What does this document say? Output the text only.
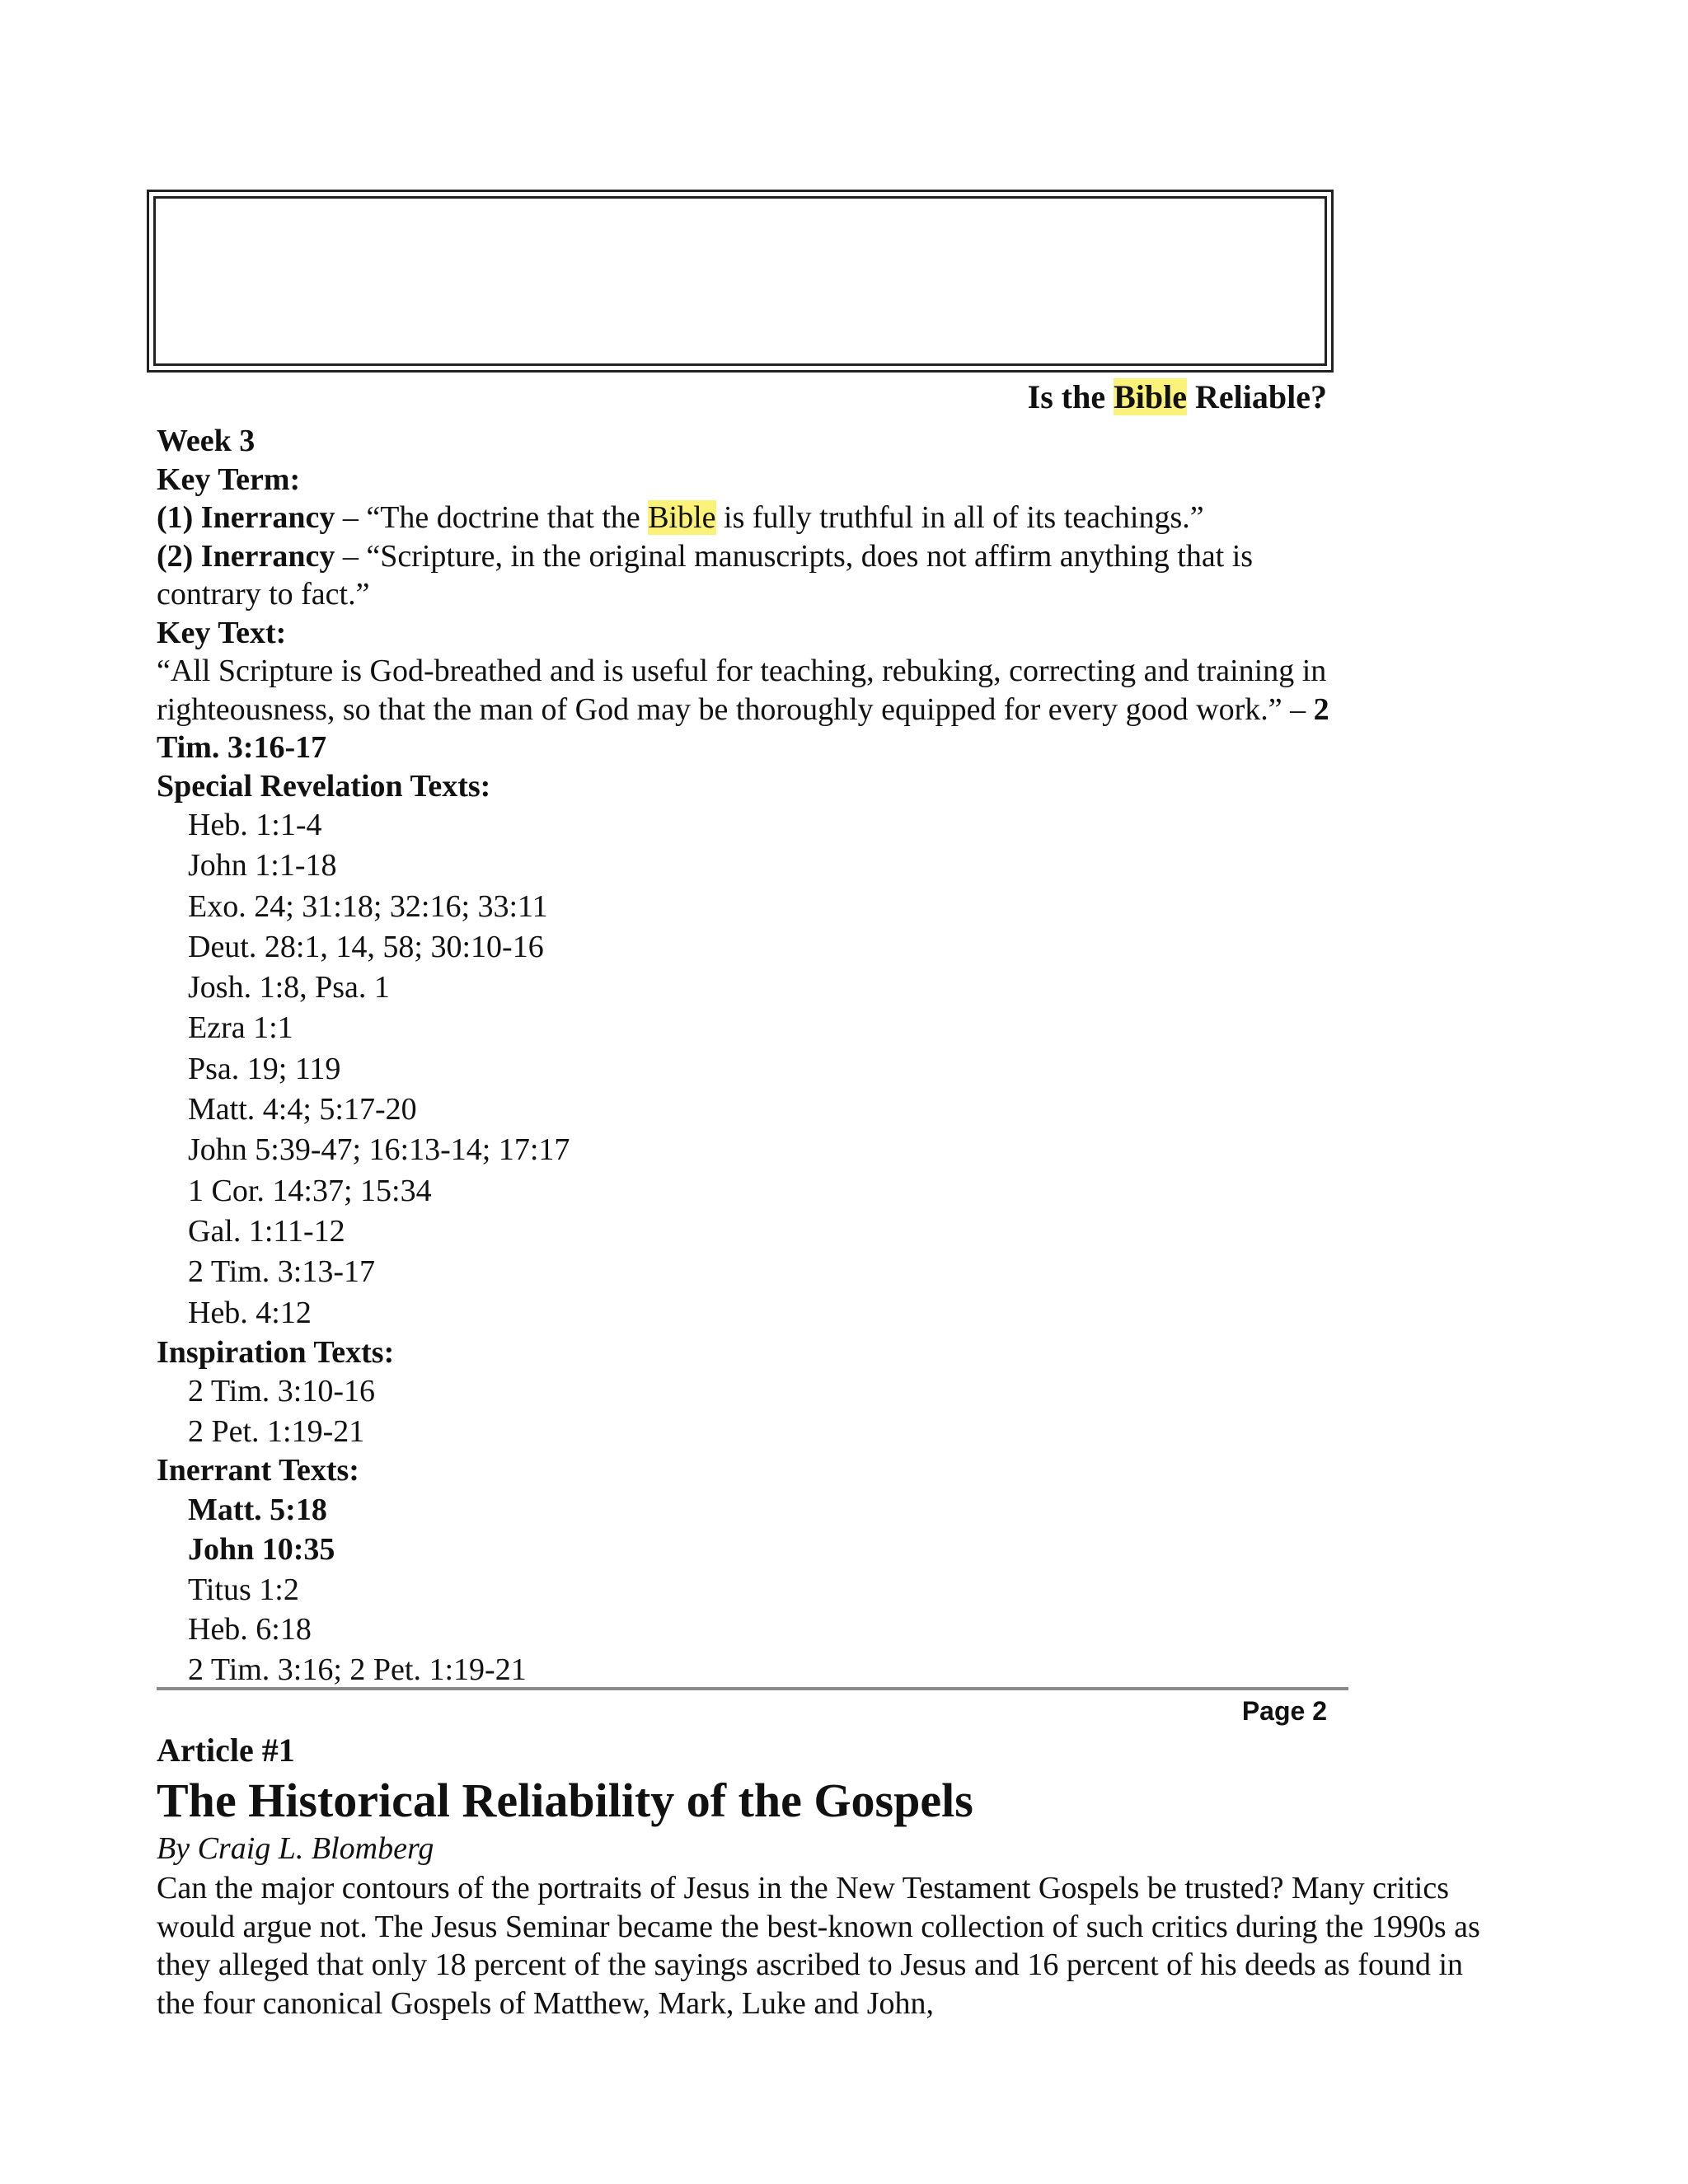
Is the Bible Reliable?
Week 3
Key Term:
(1) Inerrancy – “The doctrine that the Bible is fully truthful in all of its teachings.”
(2) Inerrancy – “Scripture, in the original manuscripts, does not affirm anything that is contrary to fact.”
Key Text:
“All Scripture is God-breathed and is useful for teaching, rebuking, correcting and training in righteousness, so that the man of God may be thoroughly equipped for every good work.” – 2 Tim. 3:16-17
Special Revelation Texts:
Heb. 1:1-4
John 1:1-18
Exo. 24; 31:18; 32:16; 33:11
Deut. 28:1, 14, 58; 30:10-16
Josh. 1:8, Psa. 1
Ezra 1:1
Psa. 19; 119
Matt. 4:4; 5:17-20
John 5:39-47; 16:13-14; 17:17
1 Cor. 14:37; 15:34
Gal. 1:11-12
2 Tim. 3:13-17
Heb. 4:12
Inspiration Texts:
2 Tim. 3:10-16
2 Pet. 1:19-21
Inerrant Texts:
Matt. 5:18
John 10:35
Titus 1:2
Heb. 6:18
2 Tim. 3:16; 2 Pet. 1:19-21
Page 2
Article #1
The Historical Reliability of the Gospels
By Craig L. Blomberg
Can the major contours of the portraits of Jesus in the New Testament Gospels be trusted? Many critics would argue not. The Jesus Seminar became the best-known collection of such critics during the 1990s as they alleged that only 18 percent of the sayings ascribed to Jesus and 16 percent of his deeds as found in the four canonical Gospels of Matthew, Mark, Luke and John,
